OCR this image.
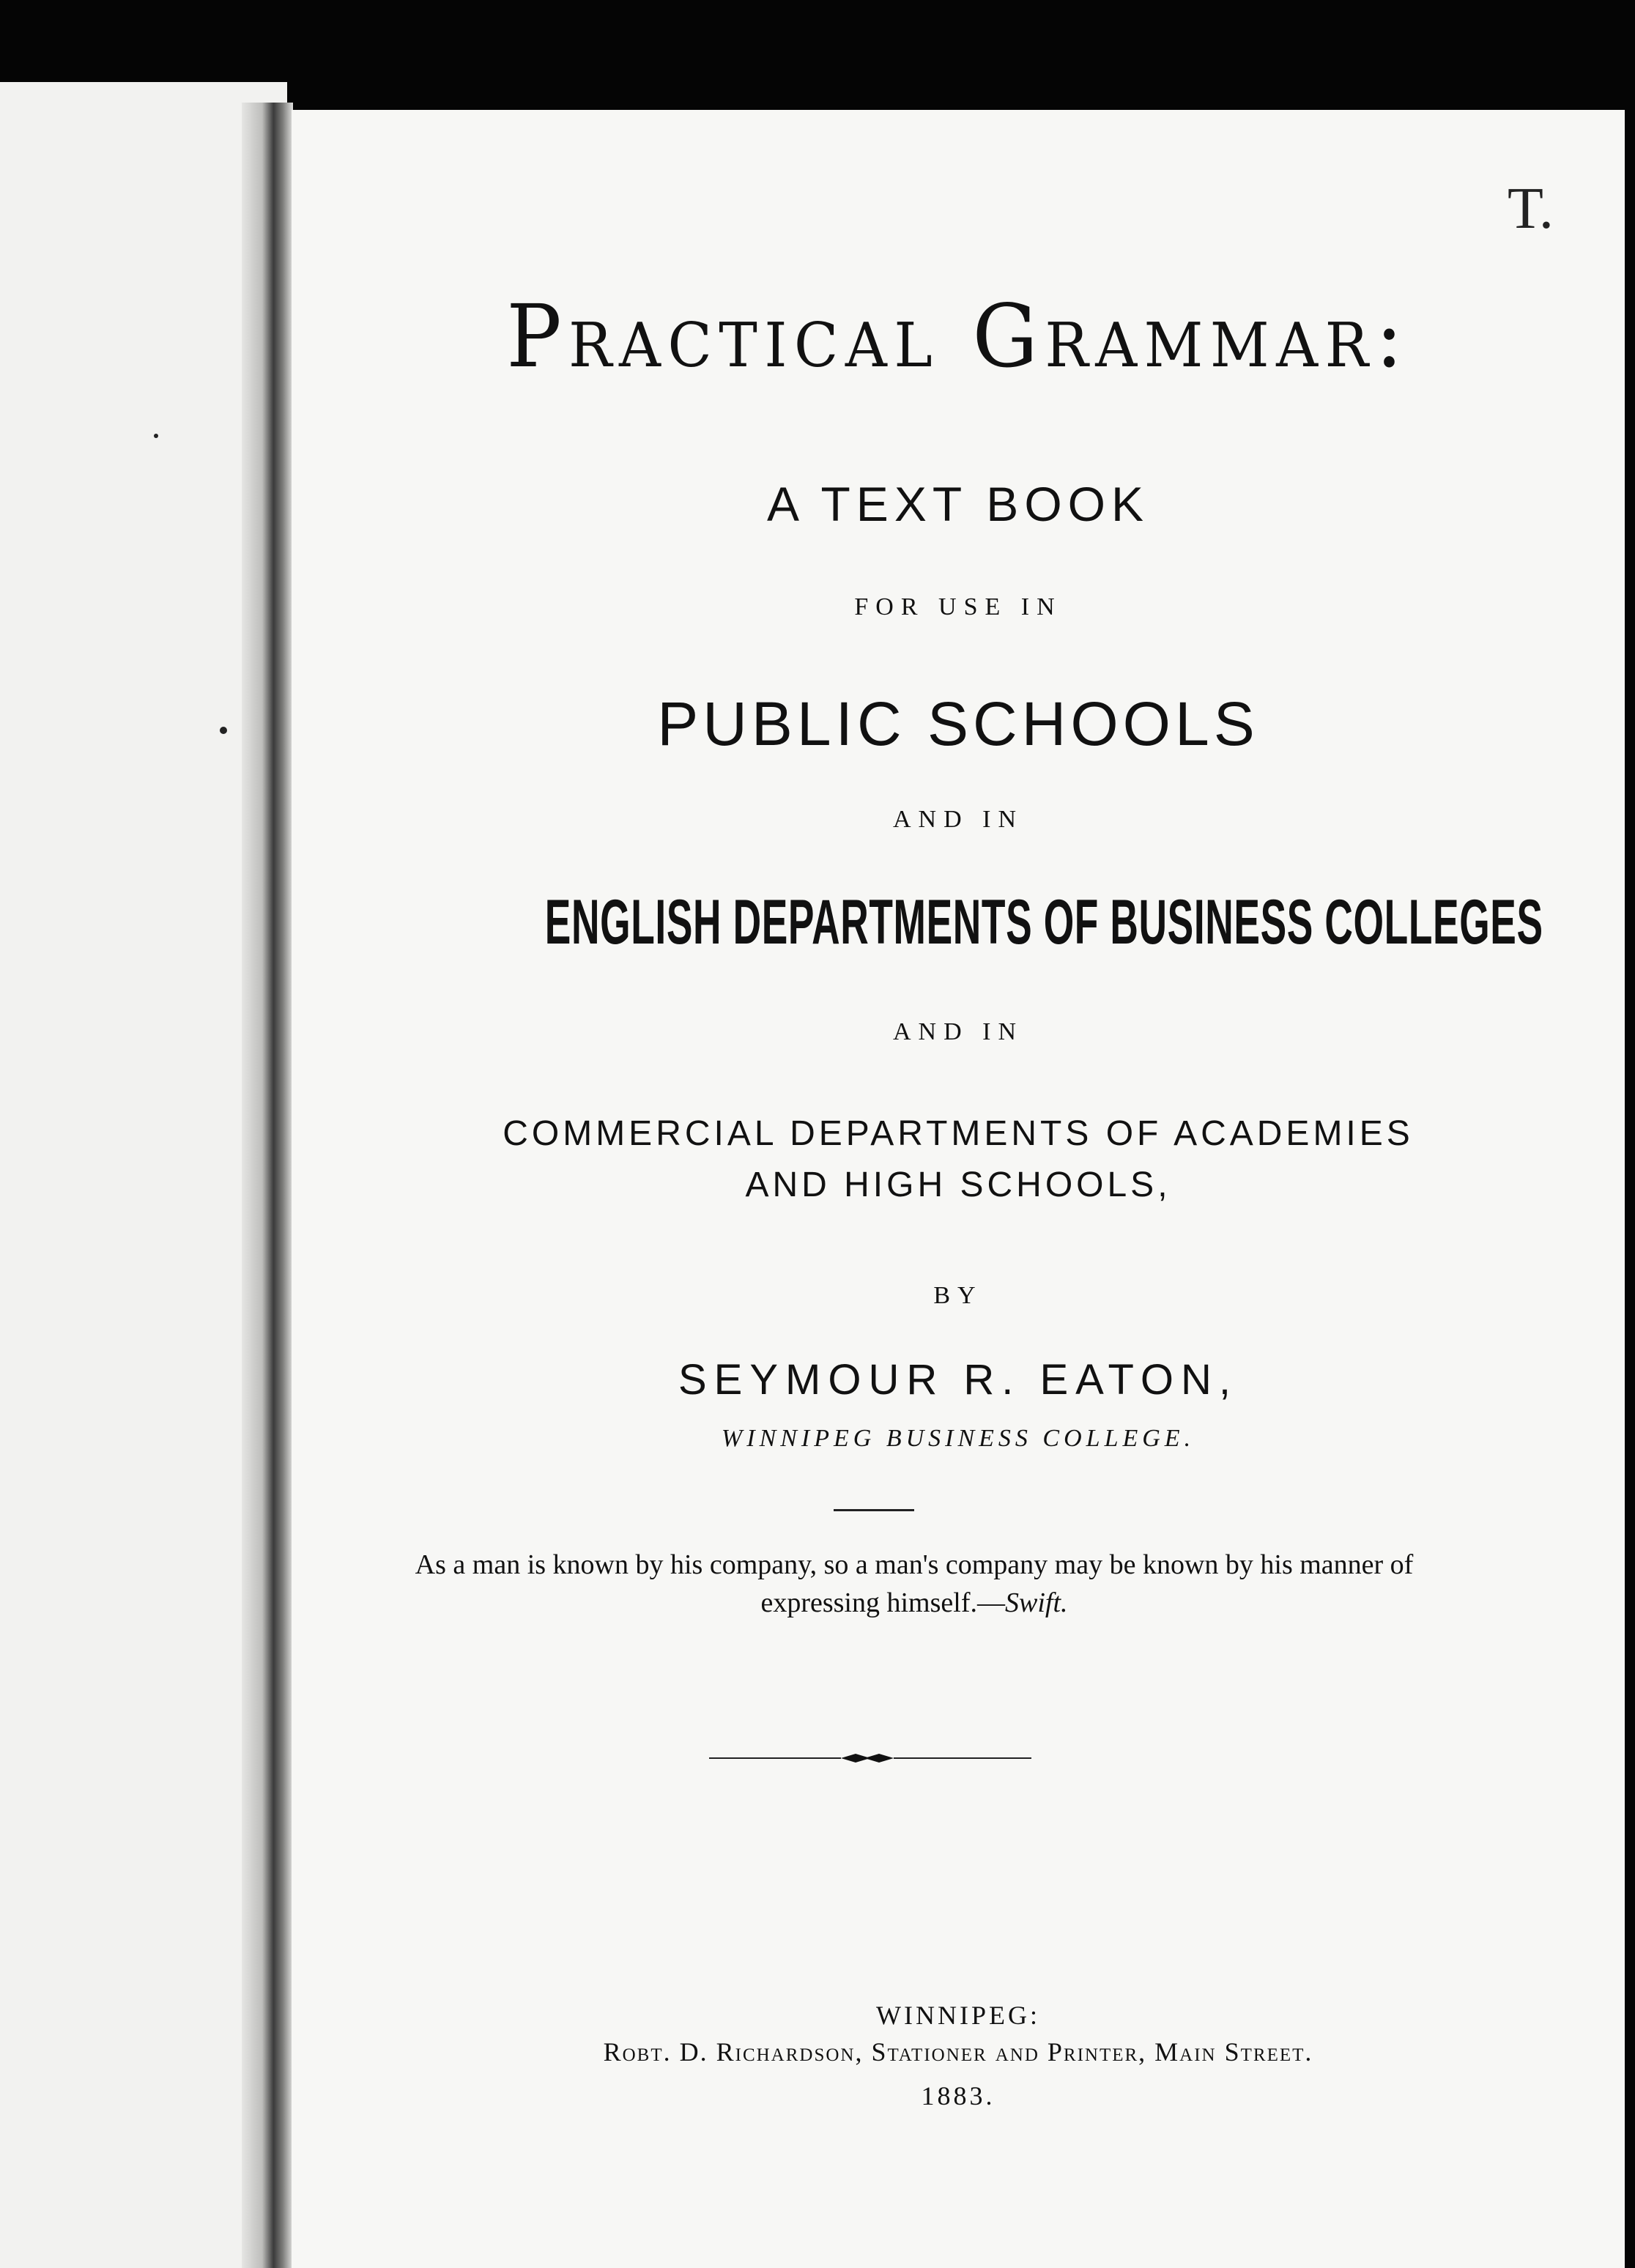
T.
Practical Grammar:
A TEXT BOOK
FOR USE IN
PUBLIC SCHOOLS
AND IN
ENGLISH DEPARTMENTS OF BUSINESS COLLEGES
AND IN
COMMERCIAL DEPARTMENTS OF ACADEMIES
AND HIGH SCHOOLS,
BY
SEYMOUR R. EATON,
WINNIPEG BUSINESS COLLEGE.
As a man is known by his company, so a man's company may be known by his manner of expressing himself.—Swift.
WINNIPEG:
Robt. D. Richardson, Stationer and Printer, Main Street.
1883.
